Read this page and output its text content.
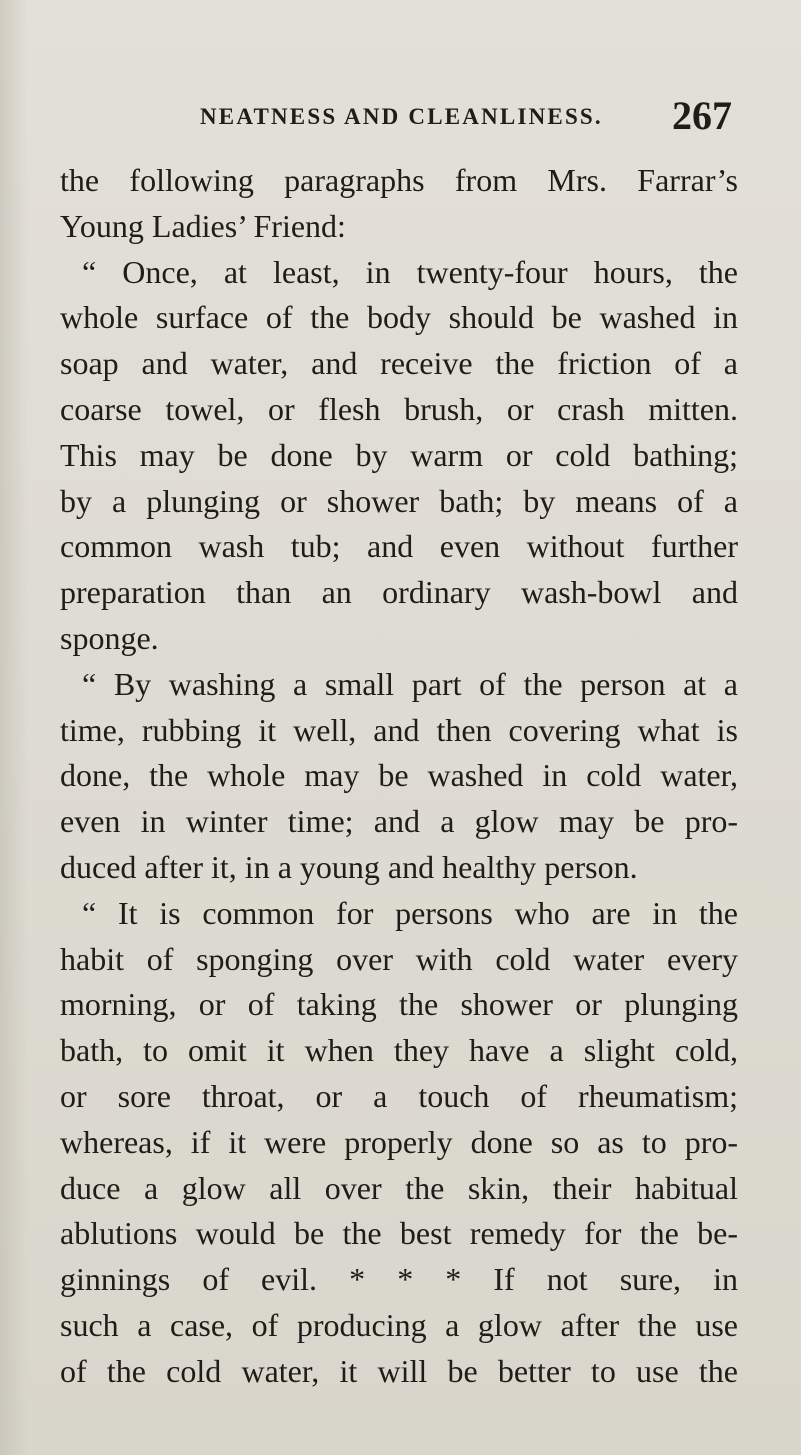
NEATNESS AND CLEANLINESS. 267
the following paragraphs from Mrs. Farrar’s
Young Ladies’ Friend:
“ Once, at least, in twenty-four hours, the
whole surface of the body should be washed in
soap and water, and receive the friction of a
coarse towel, or flesh brush, or crash mitten.
This may be done by warm or cold bathing;
by a plunging or shower bath; by means of a
common wash tub; and even without further
preparation than an ordinary wash-bowl and
sponge.
“ By washing a small part of the person at a
time, rubbing it well, and then covering what is
done, the whole may be washed in cold water,
even in winter time; and a glow may be pro-
duced after it, in a young and healthy person.
“ It is common for persons who are in the
habit of sponging over with cold water every
morning, or of taking the shower or plunging
bath, to omit it when they have a slight cold,
or sore throat, or a touch of rheumatism;
whereas, if it were properly done so as to pro-
duce a glow all over the skin, their habitual
ablutions would be the best remedy for the be-
ginnings of evil. * * * If not sure, in
such a case, of producing a glow after the use
of the cold water, it will be better to use the
